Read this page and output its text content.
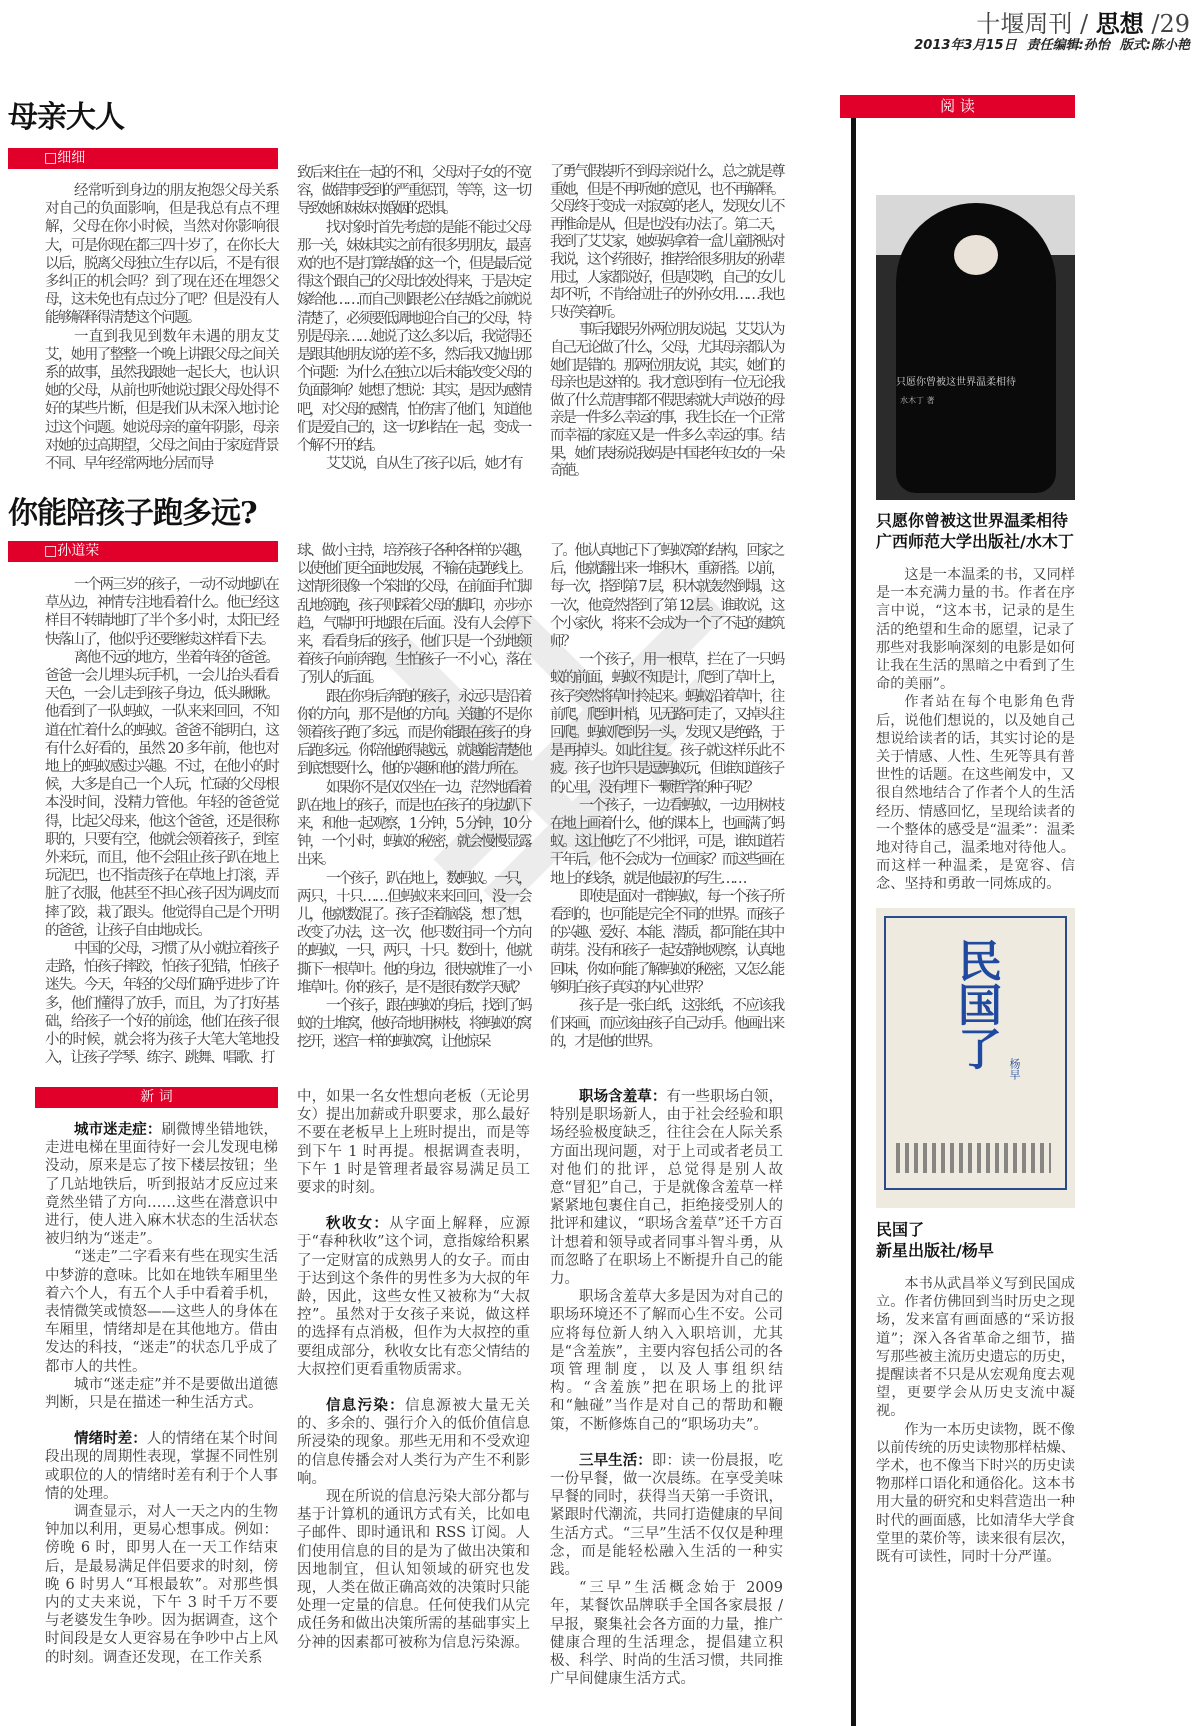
十堰周刊 / 思想 /29
2013年3月15日 责任编辑:孙怡 版式:陈小艳
母亲大人
□细细

经常听到身边的朋友抱怨父母关系对自己的负面影响，但是我总有点不理解，父母在你小时候，当然对你影响很大，可是你现在都三四十岁了，在你长大以后，脱离父母独立生存以后，不是有很多纠正的机会吗？到了现在还在埋怨父母，这未免也有点过分了吧？但是没有人能够解释得清楚这个问题。

一直到我见到数年未遇的朋友艾艾，她用了整整一个晚上讲跟父母之间关系的故事，虽然我跟她一起长大，也认识她的父母，从前也听她说过跟父母处得不好的某些片断，但是我们从未深入地讨论过这个问题。她说母亲的童年阴影，母亲对她的过高期望，父母之间由于家庭背景不同、早年经常两地分居而导

致后来住在一起的不和，父母对子女的不宽容，做错事受到的严重惩罚，等等，这一切导致她和妹妹对婚姻的恐惧。

找对象时首先考虑的是能不能过父母那一关，妹妹其实之前有很多男朋友，最喜欢的也不是打算结婚的这一个，但是最后觉得这个跟自己的父母比较处得来，于是决定嫁给他……而自己则跟老公在结婚之前就说清楚了，必须要低调地迎合自己的父母，特别是母亲……她说了这么多以后，我觉得还是跟其他朋友说的差不多，然后我又抛出那个问题：为什么在独立以后未能改变父母的负面影响？她想了想说：其实，是因为感情吧，对父母的感情，怕伤害了他们，知道他们是爱自己的，这一切纠结在一起，变成一个解不开的结。

艾艾说，自从生了孩子以后，她才有

了勇气假装听不到母亲说什么，总之就是尊重她，但是不再听她的意见，也不再解释。父母终于变成一对寂寞的老人，发现女儿不再惟命是从，但是也没有办法了。第二天，我到了艾艾家，她妈妈拿着一盒儿童脐贴对我说，这个药很好，推荐给很多朋友的孙辈用过，人家都说好，但是哎哟，自己的女儿却不听，不肯给拉肚子的外孙女用……我也只好笑着听。

事后我跟另外两位朋友说起，艾艾认为自己无论做了什么，父母，尤其母亲都认为她们是错的。那两位朋友说，其实，她们的母亲也是这样的。我才意识到有一位无论我做了什么荒唐事都不假思索就大声说好的母亲是一件多么幸运的事，我生长在一个正常而幸福的家庭又是一件多么幸运的事。结果，她们表扬说我妈是中国老年妇女的一朵奇葩。

你能陪孩子跑多远?
□孙道荣

一个两三岁的孩子，一动不动地趴在草丛边，神情专注地看着什么。他已经这样目不转睛地盯了半个多小时，太阳已经快落山了，他似乎还要继续这样看下去。

离他不远的地方，坐着年轻的爸爸。爸爸一会儿埋头玩手机，一会儿抬头看看天色，一会儿走到孩子身边，低头瞅瞅。他看到了一队蚂蚁，一队来来回回，不知道在忙着什么的蚂蚁。爸爸不能明白，这有什么好看的，虽然 20 多年前，他也对地上的蚂蚁感过兴趣。不过，在他小的时候，大多是自己一个人玩，忙碌的父母根本没时间，没精力管他。年轻的爸爸觉得，比起父母来，他这个爸爸，还是很称职的，只要有空，他就会领着孩子，到室外来玩，而且，他不会阻止孩子趴在地上玩泥巴，也不指责孩子在草地上打滚，弄脏了衣服，他甚至不担心孩子因为调皮而摔了跤，栽了跟头。他觉得自己是个开明的爸爸，让孩子自由地成长。

中国的父母，习惯了从小就拉着孩子走路，怕孩子摔跤，怕孩子犯错，怕孩子迷失。今天，年轻的父母们确乎进步了许多，他们懂得了放手，而且，为了打好基础，给孩子一个好的前途，他们在孩子很小的时候，就会将为孩子大笔大笔地投入，让孩子学琴、练字、跳舞、唱歌、打

球、做小主持，培养孩子各种各样的兴趣，以使他们更全面地发展，不输在起跑线上。这情形很像一个笨拙的父母，在前面手忙脚乱地领跑，孩子则踩着父母的脚印，亦步亦趋，气喘吁吁地跟在后面。没有人会停下来，看看身后的孩子，他们只是一个劲地领着孩子向前奔跑，生怕孩子一不小心，落在了别人的后面。

跟在你身后奔跑的孩子，永远只是沿着你的方向，那不是他的方向。关键的不是你领着孩子跑了多远，而是你能跟在孩子的身后跑多远。你陪他跑得越远，就越能清楚他到底想要什么，他的兴趣和他的潜力所在。

如果你不是仅仅坐在一边，茫然地看着趴在地上的孩子，而是也在孩子的身边趴下来，和他一起观察，1 分钟，5 分钟，10 分钟，一个小时，蚂蚁的秘密，就会慢慢显露出来。

一个孩子，趴在地上，数蚂蚁。一只，两只，十只……但蚂蚁来来回回，没一会儿，他就数混了。孩子歪着脑袋，想了想，改变了办法，这一次，他只数往同一个方向的蚂蚁，一只，两只，十只。数到十，他就撕下一根草叶。他的身边，很快就堆了一小堆草叶。你的孩子，是不是很有数学天赋？

一个孩子，跟在蚂蚁的身后，找到了蚂蚁的土堆窝，他好奇地用树枝，将蚂蚁的窝挖开，迷宫一样的蚂蚁窝，让他惊呆

了。他认真地记下了蚂蚁窝的结构，回家之后，他就翻出来一堆积木，重新搭。以前，每一次，搭到第 7 层，积木就轰然倒塌，这一次，他竟然搭到了第 12 层。谁敢说，这个小家伙，将来不会成为一个了不起的建筑师？

一个孩子，用一根草，拦在了一只蚂蚁的前面，蚂蚁不知是计，爬到了草叶上，孩子突然将草叶拎起来。蚂蚁沿着草叶，往前爬，爬到叶梢，见无路可走了，又掉头往回爬。蚂蚁爬到另一头，发现又是绝路，于是再掉头。如此往复。孩子就这样乐此不疲。孩子也许只是逗蚂蚁玩，但谁知道孩子的心里，没有埋下一颗哲学的种子呢？

一个孩子，一边看蚂蚁，一边用树枝在地上画着什么，他的课本上，也画满了蚂蚁。这让他吃了不少批评，可是，谁知道若干年后，他不会成为一位画家？而这些画在地上的线条，就是他最初的写生……

即使是面对一群蚂蚁，每一个孩子所看到的，也可能是完全不同的世界。而孩子的兴趣、爱好、本能、潜质，都可能在其中萌芽。没有和孩子一起安静地观察，认真地回味，你如何能了解蚂蚁的秘密，又怎么能够明白孩子真实的内心世界？

孩子是一张白纸，这张纸，不应该我们来画，而应该由孩子自己动手。他画出来的，才是他的世界。

新 词

城市迷走症：刷微博坐错地铁，走进电梯在里面待好一会儿发现电梯没动，原来是忘了按下楼层按钮；坐了几站地铁后，听到报站才反应过来竟然坐错了方向……这些在潜意识中进行，使人进入麻木状态的生活状态被归纳为“迷走”。

“迷走”二字看来有些在现实生活中梦游的意味。比如在地铁车厢里坐着六个人，有五个人手中看着手机，表情微笑或愤怒——这些人的身体在车厢里，情绪却是在其他地方。借由发达的科技，“迷走”的状态几乎成了都市人的共性。

城市“迷走症”并不是要做出道德判断，只是在描述一种生活方式。

情绪时差：人的情绪在某个时间段出现的周期性表现，掌握不同性别或职位的人的情绪时差有利于个人事情的处理。

调查显示，对人一天之内的生物钟加以利用，更易心想事成。例如：傍晚 6 时，即男人在一天工作结束后，是最易满足伴侣要求的时刻，傍晚 6 时男人“耳根最软”。对那些惧内的丈夫来说，下午 3 时千万不要与老婆发生争吵。因为据调查，这个时间段是女人更容易在争吵中占上风的时刻。调查还发现，在工作关系

中，如果一名女性想向老板（无论男女）提出加薪或升职要求，那么最好不要在老板早上上班时提出，而是等到下午 1 时再提。根据调查表明，下午 1 时是管理者最容易满足员工要求的时刻。

秋收女：从字面上解释，应源于“春种秋收”这个词，意指嫁给积累了一定财富的成熟男人的女子。而由于达到这个条件的男性多为大叔的年龄，因此，这些女性又被称为“大叔控”。虽然对于女孩子来说，做这样的选择有点消极，但作为大叔控的重要组成部分，秋收女比有恋父情结的大叔控们更看重物质需求。

信息污染：信息源被大量无关的、多余的、强行介入的低价值信息所浸染的现象。那些无用和不受欢迎的信息传播会对人类行为产生不利影响。

现在所说的信息污染大部分都与基于计算机的通讯方式有关，比如电子邮件、即时通讯和 RSS 订阅。人们使用信息的目的是为了做出决策和因地制宜，但认知领域的研究也发现，人类在做正确高效的决策时只能处理一定量的信息。任何使我们从完成任务和做出决策所需的基础事实上分神的因素都可被称为信息污染源。

职场含羞草：有一些职场白领，特别是职场新人，由于社会经验和职场经验极度缺乏，往往会在人际关系方面出现问题，对于上司或者老员工对他们的批评，总觉得是别人故意“冒犯”自己，于是就像含羞草一样紧紧地包裹住自己，拒绝接受别人的批评和建议，“职场含羞草”还千方百计想着和领导或者同事斗智斗勇，从而忽略了在职场上不断提升自己的能力。

职场含羞草大多是因为对自己的职场环境还不了解而心生不安。公司应将每位新人纳入入职培训，尤其是“含羞族”，主要内容包括公司的各项管理制度，以及人事组织结构。“含羞族”把在职场上的批评和“触碰”当作是对自己的帮助和鞭策，不断修炼自己的“职场功夫”。

三早生活：即：读一份晨报，吃一份早餐，做一次晨练。在享受美味早餐的同时，获得当天第一手资讯，紧跟时代潮流，共同打造健康的早间生活方式。“三早”生活不仅仅是种理念，而是能轻松融入生活的一种实践。

“三早”生活概念始于 2009 年，某餐饮品牌联手全国各家晨报 / 早报，聚集社会各方面的力量，推广健康合理的生活理念，提倡建立积极、科学、时尚的生活习惯，共同推广早间健康生活方式。

阅 读
只愿你曾被这世界温柔相待
水木丁 著
只愿你曾被这世界温柔相待
广西师范大学出版社/水木丁

这是一本温柔的书，又同样是一本充满力量的书。作者在序言中说，“这本书，记录的是生活的绝望和生命的愿望，记录了那些对我影响深刻的电影是如何让我在生活的黑暗之中看到了生命的美丽”。

作者站在每个电影角色背后，说他们想说的，以及她自己想说给读者的话，其实讨论的是关于情感、人性、生死等具有普世性的话题。在这些阐发中，又很自然地结合了作者个人的生活经历、情感回忆，呈现给读者的一个整体的感受是“温柔”：温柔地对待自己，温柔地对待他人。而这样一种温柔，是宽容、信念、坚持和勇敢一同炼成的。

民国了 杨早
民国了
新星出版社/杨早

本书从武昌举义写到民国成立。作者仿佛回到当时历史之现场，发来富有画面感的“采访报道”；深入各省革命之细节，描写那些被主流历史遗忘的历史，提醒读者不只是从宏观角度去观望，更要学会从历史支流中凝视。

作为一本历史读物，既不像以前传统的历史读物那样枯燥、学术，也不像当下时兴的历史读物那样口语化和通俗化。这本书用大量的研究和史料营造出一种时代的画面感，比如清华大学食堂里的菜价等，读来很有层次，既有可读性，同时十分严谨。
